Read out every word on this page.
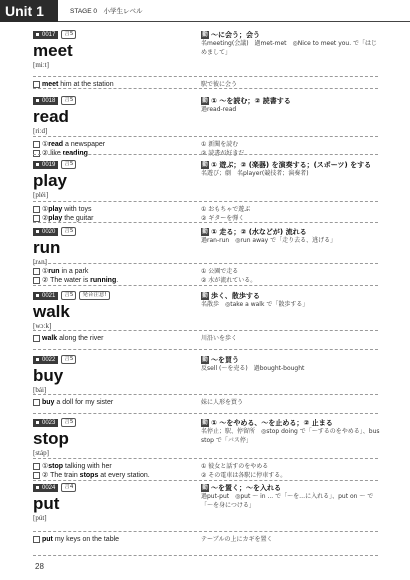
Unit 1	STAGE 0　小学生レベル
0017	言5
meet
[miːt]
動 〜に会う；会う
名meeting(会議)　過met-met　◎Nice to meet you. で「はじめまして」
meet him at the station	駅で彼に会う
0018	言5
read
[riːd]
動 ① 〜を読む；② 読書する
過read-read
①read a newspaper	① 新聞を読む
② like reading	② 読書が好きだ
0019	言5
play
[pléi]
動 ① 遊ぶ；② (楽器) を演奏する；(スポーツ) をする
名遊び；劇　名player(競技者；演奏者)
①play with toys	① おもちゃで遊ぶ
②play the guitar	② ギターを弾く
0020	言5
run
[rʌn]
動 ① 走る；② (水などが) 流れる
過ran-run　◎run away で「走り去る、逃げる」
①run in a park	① 公園で走る
② The water is running.	② 水が流れている。
0021	言5	発音注意!
walk
[wɔːk]
動 歩く、散歩する
名散歩　◎take a walk で「散歩する」
walk along the river	川沿いを歩く
0022	言5
buy
[bái]
動 〜を買う
反sell (〜を売る)　過bought-bought
buy a doll for my sister	妹に人形を買う
0023	言5
stop
[stáp]
動 ① 〜をやめる、〜を止める；② 止まる
名停止；駅、停留所　◎stop doing で「〜するのをやめる」、bus stop で「バス停」
①stop talking with her	① 彼女と話すのをやめる
② The train stops at every station.	② その電車は各駅に停車する。
0024	言4
put
[pút]
動 〜を置く；〜を入れる
過put-put　◎put 〜 in ... で「〜を…に入れる」、put on 〜 で「〜を身につける」
put my keys on the table	テーブルの上にカギを置く
28
